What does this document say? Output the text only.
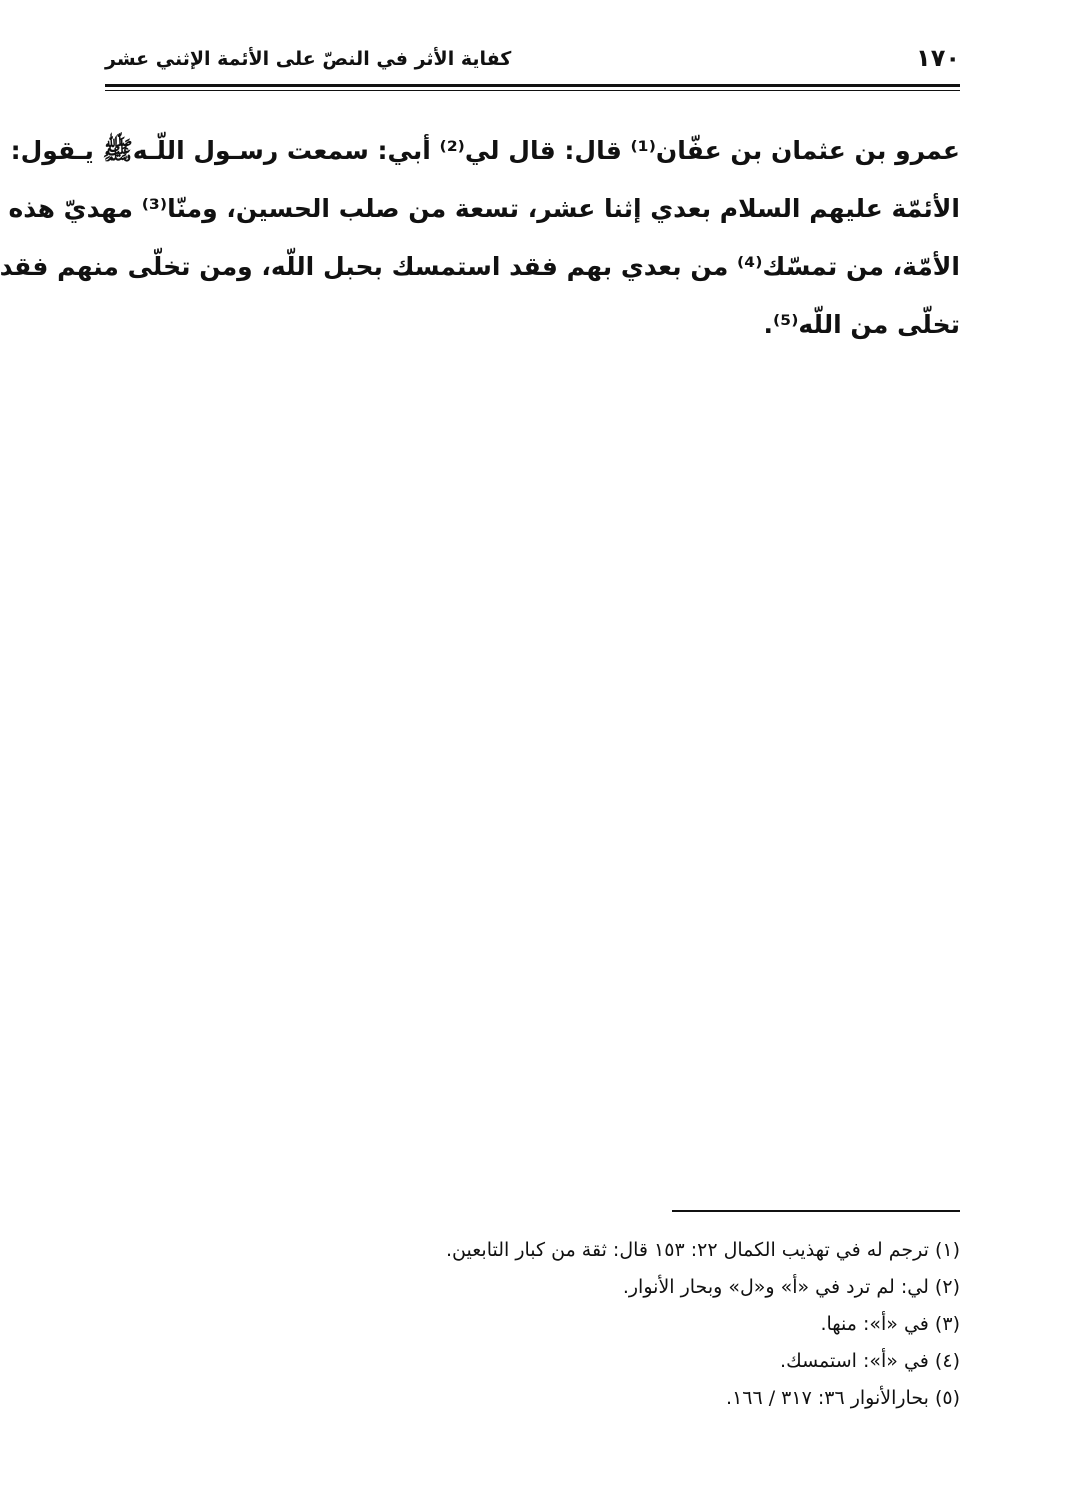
١٧٠
كفاية الأثر في النصّ على الأئمة الإثني عشر
عمرو بن عثمان بن عفّان⁽¹⁾ قال: قال لي⁽²⁾ أبي: سمعت رسـول اللّـهﷺ يـقول:
الأئمّة عليهم السلام بعدي إثنا عشر، تسعة من صلب الحسين، ومنّا⁽³⁾ مهديّ هذه
الأمّة، من تمسّك⁽⁴⁾ من بعدي بهم فقد استمسك بحبل اللّه، ومن تخلّى منهم فقد
تخلّى من اللّه⁽⁵⁾.
(١) ترجم له في تهذيب الكمال ٢٢: ١٥٣ قال: ثقة من كبار التابعين.
(٢) لي: لم ترد في «أ» و«ل» وبحار الأنوار.
(٣) في «أ»: منها.
(٤) في «أ»: استمسك.
(٥) بحارالأنوار ٣٦: ٣١٧ / ١٦٦.
